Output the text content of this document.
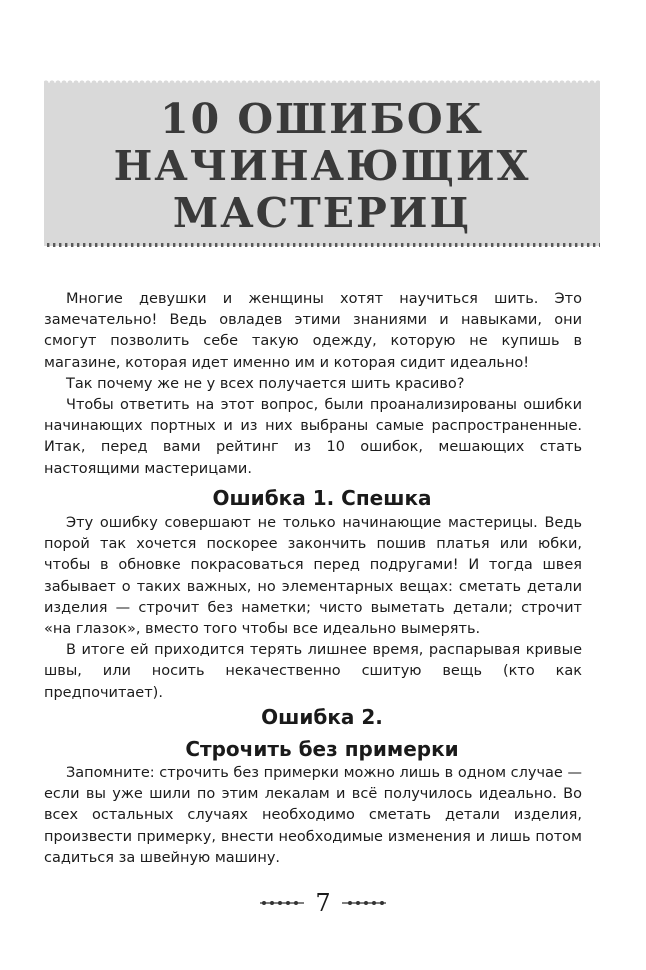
10 ОШИБОК
НАЧИНАЮЩИХ
МАСТЕРИЦ

Многие девушки и женщины хотят научиться шить. Это замечательно! Ведь овладев этими знаниями и навыками, они смогут позволить себе такую одежду, которую не купишь в магазине, которая идет именно им и которая сидит идеально!

Так почему же не у всех получается шить красиво?

Чтобы ответить на этот вопрос, были проанализированы ошибки начинающих портных и из них выбраны самые распространенные. Итак, перед вами рейтинг из 10 ошибок, мешающих стать настоящими мастерицами.

Ошибка 1. Спешка

Эту ошибку совершают не только начинающие мастерицы. Ведь порой так хочется поскорее закончить пошив платья или юбки, чтобы в обновке покрасоваться перед подругами! И тогда швея забывает о таких важных, но элементарных вещах: сметать детали изделия — строчит без наметки; чисто выметать детали; строчит «на глазок», вместо того чтобы все идеально вымерять.

В итоге ей приходится терять лишнее время, распарывая кривые швы, или носить некачественно сшитую вещь (кто как предпочитает).

Ошибка 2.
Строчить без примерки

Запомните: строчить без примерки можно лишь в одном случае — если вы уже шили по этим лекалам и всё получилось идеально. Во всех остальных случаях необходимо сметать детали изделия, произвести примерку, внести необходимые изменения и лишь потом садиться за швейную машину.

7
